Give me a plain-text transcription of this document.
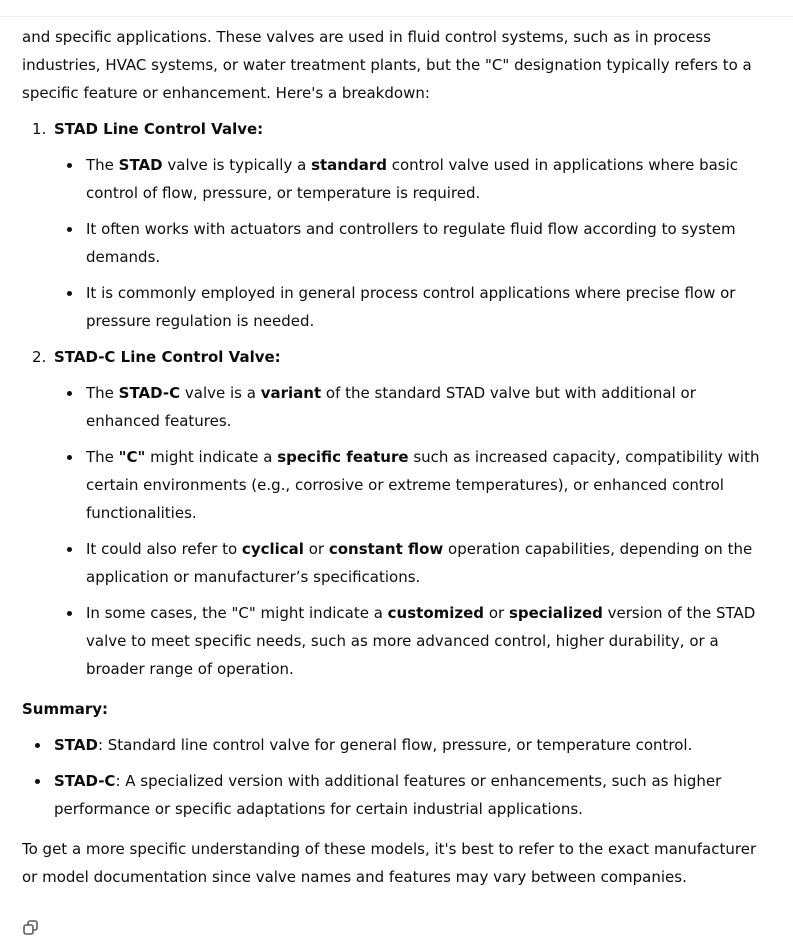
and specific applications. These valves are used in fluid control systems, such as in process industries, HVAC systems, or water treatment plants, but the "C" designation typically refers to a specific feature or enhancement. Here's a breakdown:

1. STAD Line Control Valve:
The STAD valve is typically a standard control valve used in applications where basic control of flow, pressure, or temperature is required.
It often works with actuators and controllers to regulate fluid flow according to system demands.
It is commonly employed in general process control applications where precise flow or pressure regulation is needed.
2. STAD-C Line Control Valve:
The STAD-C valve is a variant of the standard STAD valve but with additional or enhanced features.
The "C" might indicate a specific feature such as increased capacity, compatibility with certain environments (e.g., corrosive or extreme temperatures), or enhanced control functionalities.
It could also refer to cyclical or constant flow operation capabilities, depending on the application or manufacturer’s specifications.
In some cases, the "C" might indicate a customized or specialized version of the STAD valve to meet specific needs, such as more advanced control, higher durability, or a broader range of operation.

Summary:

STAD: Standard line control valve for general flow, pressure, or temperature control.
STAD-C: A specialized version with additional features or enhancements, such as higher performance or specific adaptations for certain industrial applications.

To get a more specific understanding of these models, it's best to refer to the exact manufacturer or model documentation since valve names and features may vary between companies.
